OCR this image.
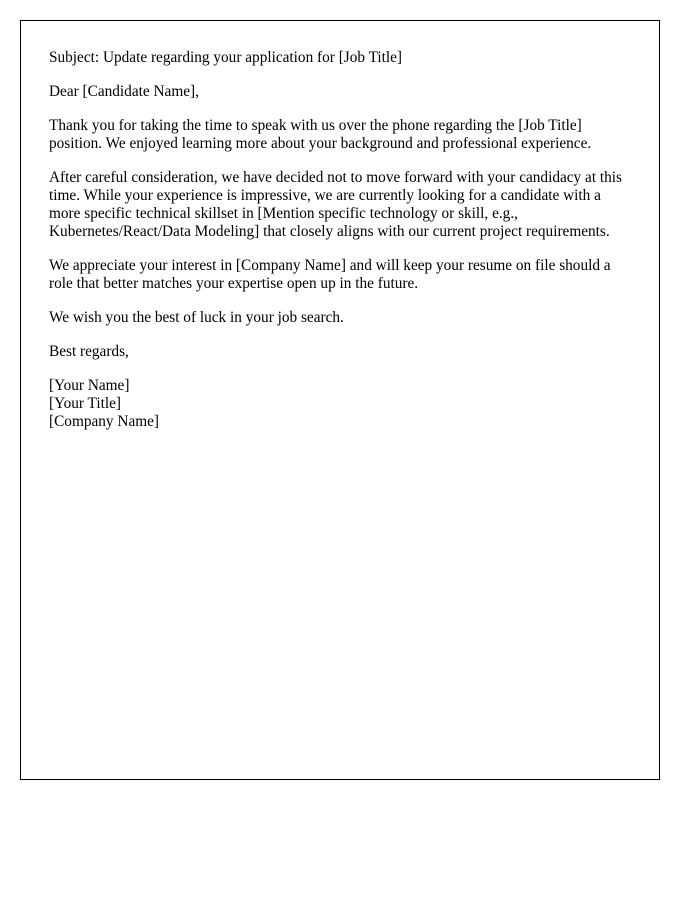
Subject: Update regarding your application for [Job Title]

Dear [Candidate Name],

Thank you for taking the time to speak with us over the phone regarding the [Job Title] position. We enjoyed learning more about your background and professional experience.

After careful consideration, we have decided not to move forward with your candidacy at this time. While your experience is impressive, we are currently looking for a candidate with a more specific technical skillset in [Mention specific technology or skill, e.g., Kubernetes/React/Data Modeling] that closely aligns with our current project requirements.

We appreciate your interest in [Company Name] and will keep your resume on file should a role that better matches your expertise open up in the future.

We wish you the best of luck in your job search.

Best regards,

[Your Name]
[Your Title]
[Company Name]
